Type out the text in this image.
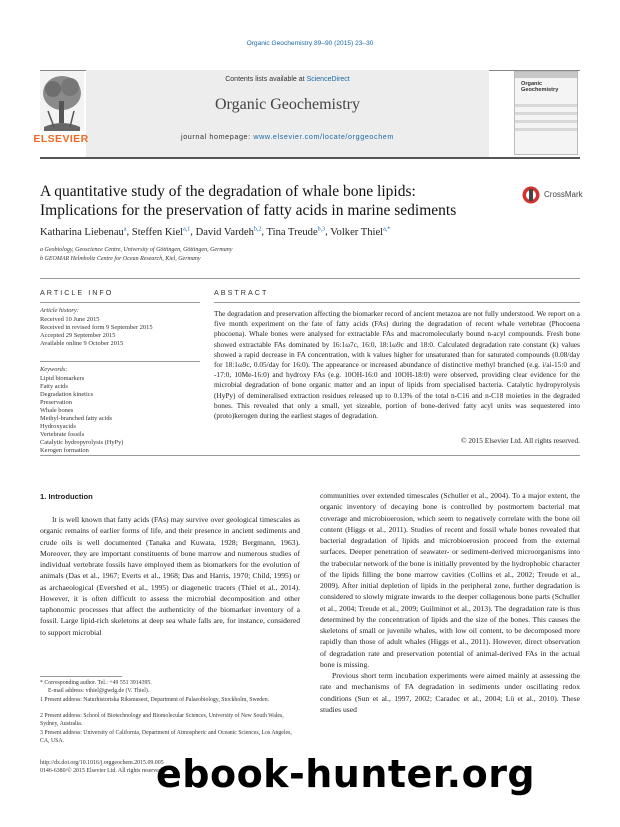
Organic Geochemistry 89–90 (2015) 23–30
ELSEVIER
Contents lists available at ScienceDirect
Organic Geochemistry
journal homepage: www.elsevier.com/locate/orggeochem
Organic
Geochemistry
A quantitative study of the degradation of whale bone lipids:
Implications for the preservation of fatty acids in marine sediments
CrossMark
Katharina Liebenau$^a$, Steffen Kiel$^{a,1}$, David Vardeh$^{b,2}$, Tina Treude$^{b,3}$, Volker Thiel$^{a,*}$
a Geobiology, Geoscience Centre, University of Göttingen, Göttingen, Germany
b GEOMAR Helmholtz Centre for Ocean Research, Kiel, Germany
ARTICLE INFO
Article history:
Received 10 June 2015
Received in revised form 9 September 2015
Accepted 29 September 2015
Available online 9 October 2015
Keywords:
Lipid biomarkers
Fatty acids
Degradation kinetics
Preservation
Whale bones
Methyl-branched fatty acids
Hydroxyacids
Vertebrate fossils
Catalytic hydropyrolysis (HyPy)
Kerogen formation
ABSTRACT
The degradation and preservation affecting the biomarker record of ancient metazoa are not fully understood. We report on a five month experiment on the fate of fatty acids (FAs) during the degradation of recent whale vertebrae (Phocoena phocoena). Whale bones were analysed for extractable FAs and macromolecularly bound n-acyl compounds. Fresh bone showed extractable FAs dominated by 16:1ω7c, 16:0, 18:1ω9c and 18:0. Calculated degradation rate constant (k) values showed a rapid decrease in FA concentration, with k values higher for unsaturated than for saturated compounds (0.08/day for 18:1ω9c, 0.05/day for 16:0). The appearance or increased abundance of distinctive methyl branched (e.g. i/ai-15:0 and -17:0, 10Me-16:0) and hydroxy FAs (e.g. 10OH-16:0 and 10OH-18:0) were observed, providing clear evidence for the microbial degradation of bone organic matter and an input of lipids from specialised bacteria. Catalytic hydropyrolysis (HyPy) of demineralised extraction residues released up to 0.13% of the total n-C16 and n-C18 moieties in the degraded bones. This revealed that only a small, yet sizeable, portion of bone-derived fatty acyl units was sequestered into (proto)kerogen during the earliest stages of degradation.
© 2015 Elsevier Ltd. All rights reserved.
1. Introduction

It is well known that fatty acids (FAs) may survive over geological timescales as organic remains of earlier forms of life, and their presence in ancient sediments and crude oils is well documented (Tanaka and Kuwata, 1928; Bergmann, 1963). Moreover, they are important constituents of bone marrow and numerous studies of individual vertebrate fossils have employed them as biomarkers for the evolution of animals (Das et al., 1967; Everts et al., 1968; Das and Harris, 1970; Child, 1995) or as archaeological (Evershed et al., 1995) or diagenetic tracers (Thiel et al., 2014). However, it is often difficult to assess the microbial decomposition and other taphonomic processes that affect the authenticity of the biomarker inventory of a fossil. Large lipid-rich skeletons at deep sea whale falls are, for instance, considered to support microbial

communities over extended timescales (Schuller et al., 2004). To a major extent, the organic inventory of decaying bone is controlled by postmortem bacterial mat coverage and microbioerosion, which seem to negatively correlate with the bone oil content (Higgs et al., 2011). Studies of recent and fossil whale bones revealed that bacterial degradation of lipids and microbioerosion proceed from the external surfaces. Deeper penetration of seawater- or sediment-derived microorganisms into the trabecular network of the bone is initially prevented by the hydrophobic character of the lipids filling the bone marrow cavities (Collins et al., 2002; Treude et al., 2009). After initial depletion of lipids in the peripheral zone, further degradation is considered to slowly migrate inwards to the deeper collagenous bone parts (Schuller et al., 2004; Treude et al., 2009; Guilminot et al., 2013). The degradation rate is thus determined by the concentration of lipids and the size of the bones. This causes the skeletons of small or juvenile whales, with low oil content, to be decomposed more rapidly than those of adult whales (Higgs et al., 2011). However, direct observation of degradation rate and preservation potential of animal-derived FAs in the actual bone is missing.

Previous short term incubation experiments were aimed mainly at assessing the rate and mechanisms of FA degradation in sediments under oscillating redox conditions (Sun et al., 1997, 2002; Caradec et al., 2004; Lü et al., 2010). These studies used

* Corresponding author. Tel.: +49 551 3914395.
E-mail address: vthiel@gwdg.de (V. Thiel).
1 Present address: Naturhistoriska Riksmuseet, Department of Palaeobiology, Stockholm, Sweden.
2 Present address: School of Biotechnology and Biomolecular Sciences, University of New South Wales, Sydney, Australia.
3 Present address: University of California, Department of Atmospheric and Oceanic Sciences, Los Angeles, CA, USA.
http://dx.doi.org/10.1016/j.orggeochem.2015.09.005
0146-6380/© 2015 Elsevier Ltd. All rights reserved.
ebook-hunter.org
